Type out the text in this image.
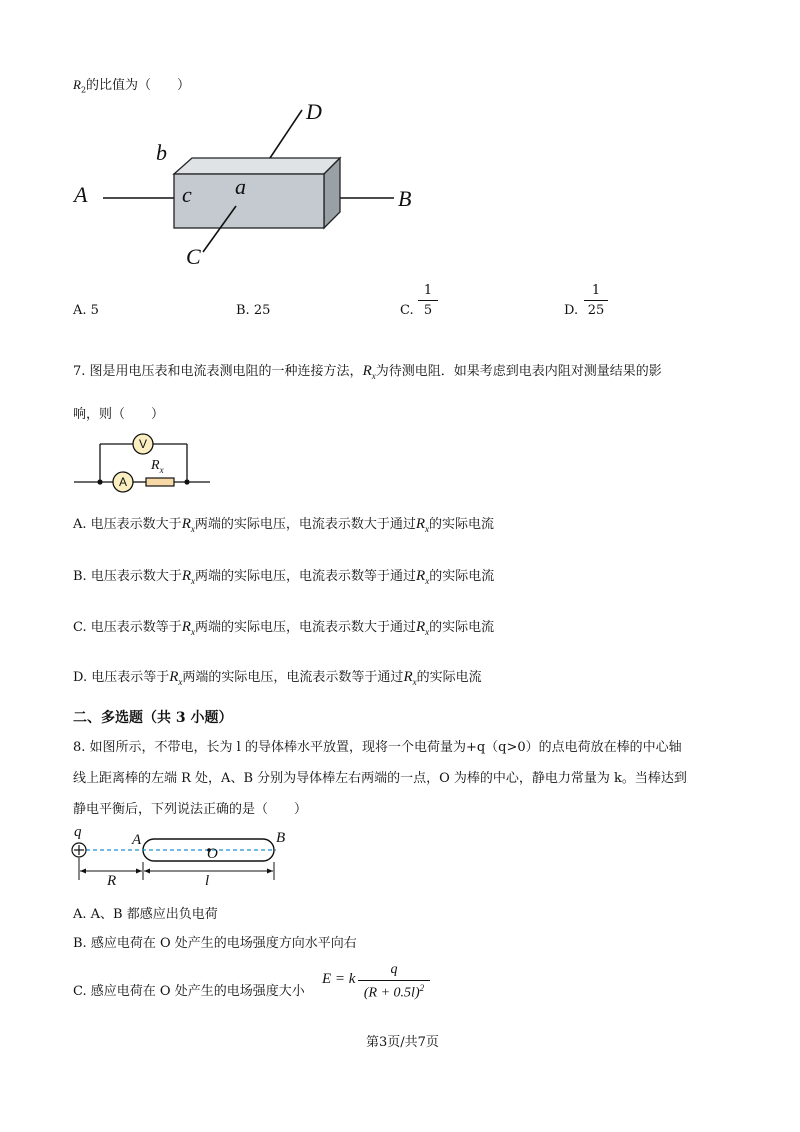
$R_2$的比值为（　　）
A	B
C
D
a
b
c
A. 5	B. 25	C.
1
5	D.
1
25
7. 图是用电压表和电流表测电阻的一种连接方法，$R_x$为待测电阻．如果考虑到电表内阻对测量结果的影
响，则（　　）
V
A
$R_x$
A. 电压表示数大于$R_x$两端的实际电压，电流表示数大于通过$R_x$的实际电流
B. 电压表示数大于$R_x$两端的实际电压，电流表示数等于通过$R_x$的实际电流
C. 电压表示数等于$R_x$两端的实际电压，电流表示数大于通过$R_x$的实际电流
D. 电压表示等于$R_x$两端的实际电压，电流表示数等于通过$R_x$的实际电流
二、多选题（共 3 小题）
8. 如图所示，不带电，长为 l 的导体棒水平放置，现将一个电荷量为+q（q>0）的点电荷放在棒的中心轴
线上距离棒的左端 R 处，A、B 分别为导体棒左右两端的一点，O 为棒的中心，静电力常量为 k。当棒达到
静电平衡后，下列说法正确的是（　　）
q	A	B
O
R	l
A. A、B 都感应出负电荷
B. 感应电荷在 O 处产生的电场强度方向水平向右
C. 感应电荷在 O 处产生的电场强度大小
E = k
q
$(R + 0.5l)^2$
第3页/共7页
